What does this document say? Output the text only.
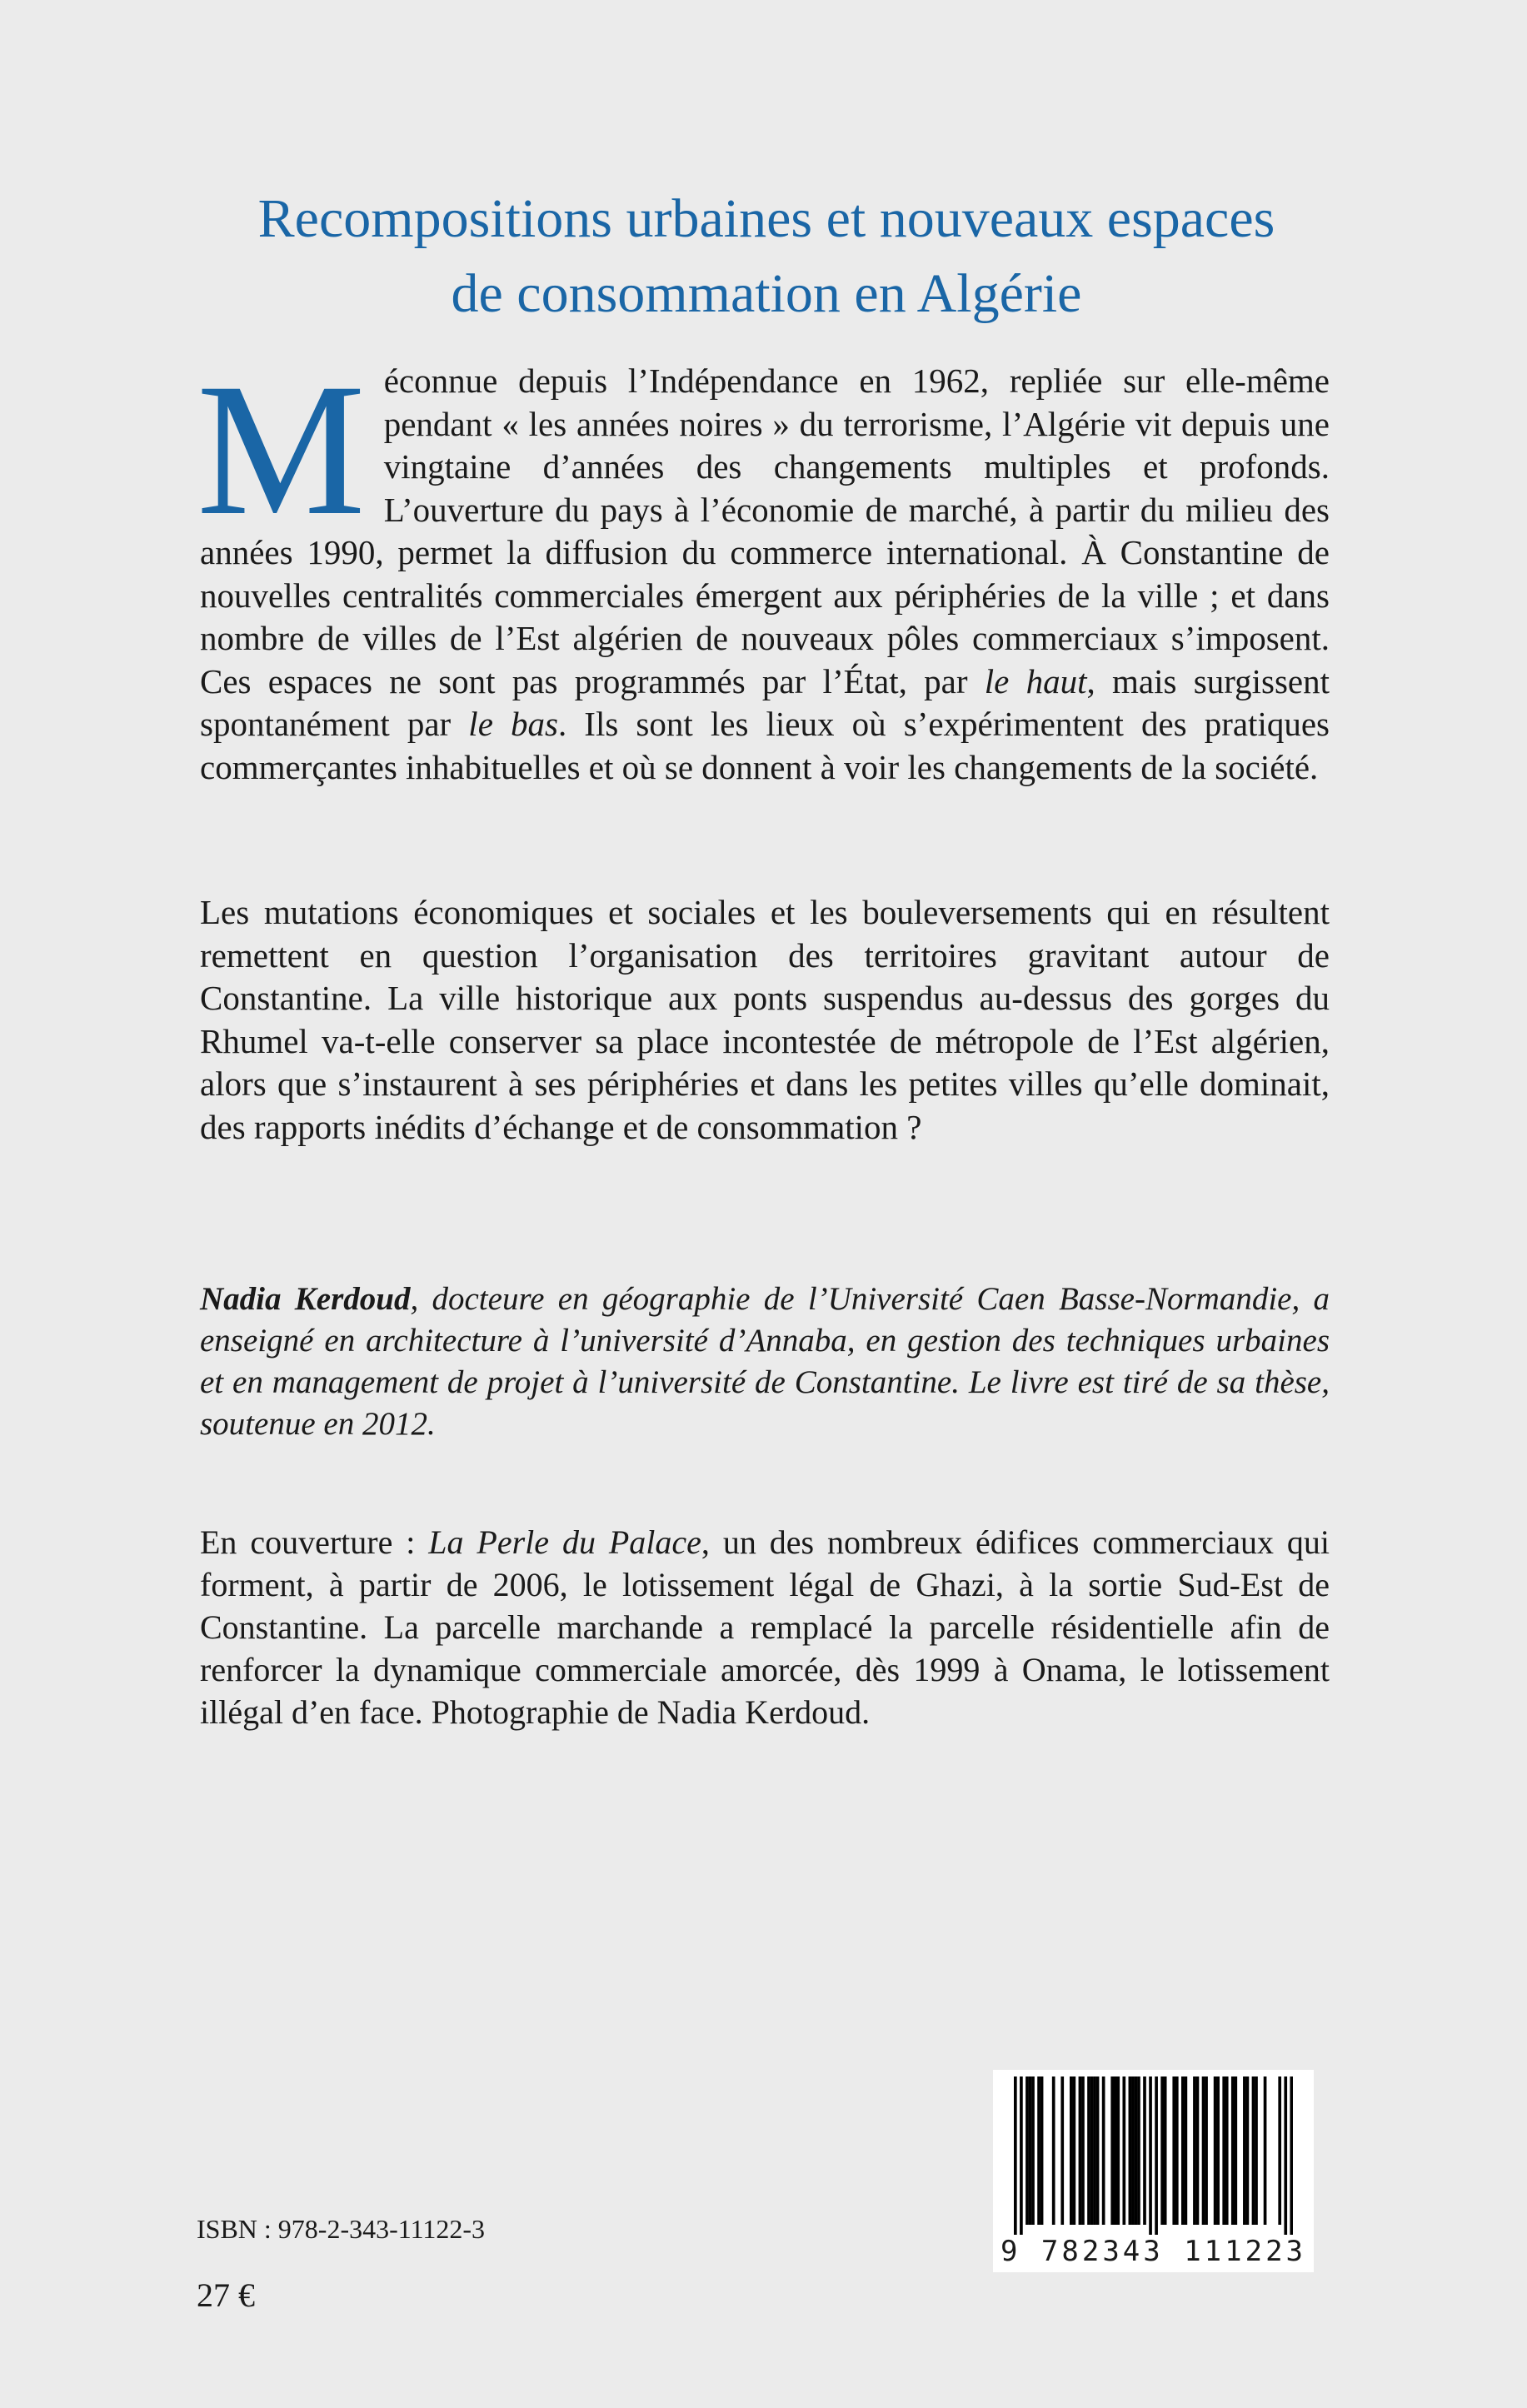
Recompositions urbaines et nouveaux espaces
de consommation en Algérie
M éconnue depuis l’Indépendance en 1962, repliée sur elle-même pendant « les années noires » du terrorisme, l’Algérie vit depuis une vingtaine d’années des changements multiples et profonds. L’ouverture du pays à l’économie de marché, à partir du milieu des années 1990, permet la diffusion du commerce international. À Constantine de nouvelles centralités commerciales émergent aux périphéries de la ville ; et dans nombre de villes de l’Est algérien de nouveaux pôles commerciaux s’imposent. Ces espaces ne sont pas programmés par l’État, par le haut, mais surgissent spontanément par le bas. Ils sont les lieux où s’expérimentent des pratiques commerçantes inhabituelles et où se donnent à voir les changements de la société.

Les mutations économiques et sociales et les bouleversements qui en résultent remettent en question l’organisation des territoires gravitant autour de Constantine. La ville historique aux ponts suspendus au-dessus des gorges du Rhumel va-t-elle conserver sa place incontestée de métropole de l’Est algérien, alors que s’instaurent à ses périphéries et dans les petites villes qu’elle dominait, des rapports inédits d’échange et de consommation ?

Nadia Kerdoud, docteure en géographie de l’Université Caen Basse-Normandie, a enseigné en architecture à l’université d’Annaba, en gestion des techniques urbaines et en management de projet à l’université de Constantine. Le livre est tiré de sa thèse, soutenue en 2012.

En couverture : La Perle du Palace, un des nombreux édifices commerciaux qui forment, à partir de 2006, le lotissement légal de Ghazi, à la sortie Sud-Est de Constantine. La parcelle marchande a remplacé la parcelle résidentielle afin de renforcer la dynamique commerciale amorcée, dès 1999 à Onama, le lotissement illégal d’en face. Photographie de Nadia Kerdoud.

ISBN : 978-2-343-11122-3
27 €
9 782343 111223
